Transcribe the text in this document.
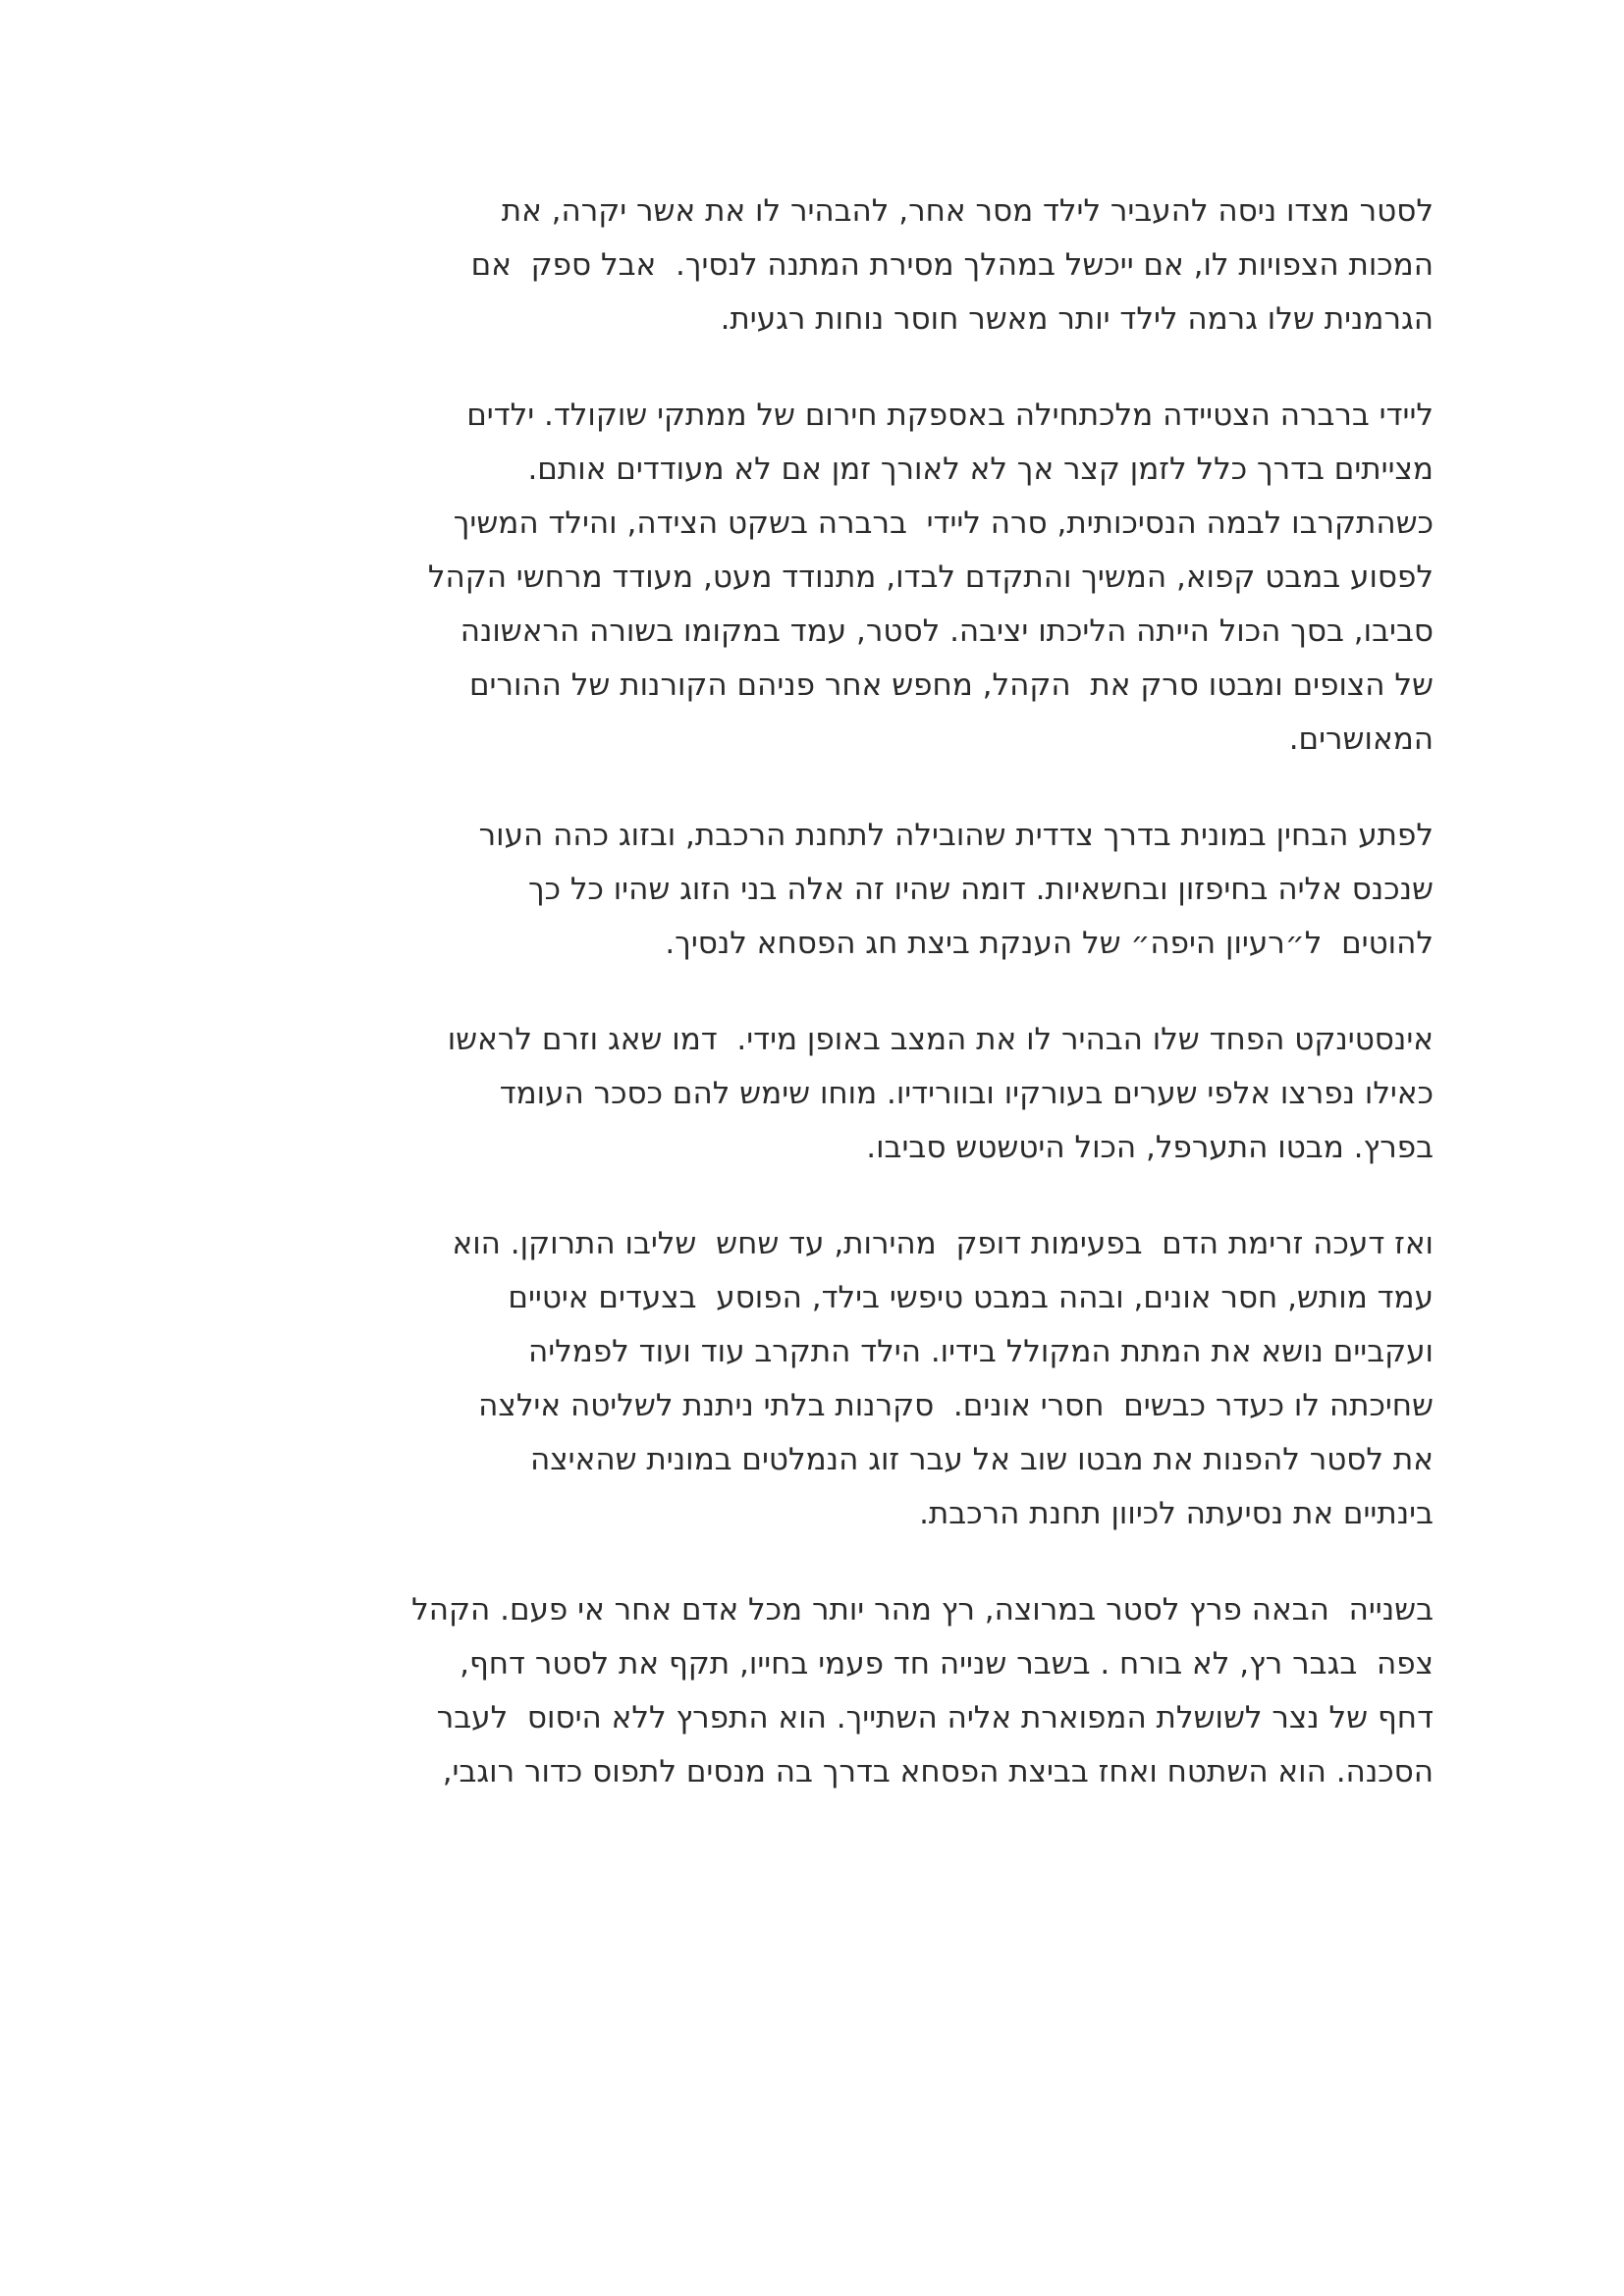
לסטר מצדו ניסה להעביר לילד מסר אחר, להבהיר לו את אשר יקרה, את
המכות הצפויות לו, אם ייכשל במהלך מסירת המתנה לנסיך.  אבל ספק  אם
הגרמנית שלו גרמה לילד יותר מאשר חוסר נוחות רגעית.

ליידי ברברה הצטיידה מלכתחילה באספקת חירום של ממתקי שוקולד. ילדים
מצייתים בדרך כלל לזמן קצר אך לא לאורך זמן אם לא מעודדים אותם.
כשהתקרבו לבמה הנסיכותית, סרה ליידי  ברברה בשקט הצידה, והילד המשיך
לפסוע במבט קפוא, המשיך והתקדם לבדו, מתנודד מעט, מעודד מרחשי הקהל
סביבו, בסך הכול הייתה הליכתו יציבה. לסטר, עמד במקומו בשורה הראשונה
של הצופים ומבטו סרק את  הקהל, מחפש אחר פניהם הקורנות של ההורים
המאושרים.

לפתע הבחין במונית בדרך צדדית שהובילה לתחנת הרכבת, ובזוג כהה העור
שנכנס אליה בחיפזון ובחשאיות. דומה שהיו זה אלה בני הזוג שהיו כל כך
להוטים  ל״רעיון היפה״ של הענקת ביצת חג הפסחא לנסיך.

אינסטינקט הפחד שלו הבהיר לו את המצב באופן מידי.  דמו שאג וזרם לראשו
כאילו נפרצו אלפי שערים בעורקיו ובוורידיו. מוחו שימש להם כסכר העומד
בפרץ. מבטו התערפל, הכול היטשטש סביבו.

ואז דעכה זרימת הדם  בפעימות דופק  מהירות, עד שחש  שליבו התרוקן. הוא
עמד מותש, חסר אונים, ובהה במבט טיפשי בילד, הפוסע  בצעדים איטיים
ועקביים נושא את המתת המקולל בידיו. הילד התקרב עוד ועוד לפמליה
שחיכתה לו כעדר כבשים  חסרי אונים.  סקרנות בלתי ניתנת לשליטה אילצה
את לסטר להפנות את מבטו שוב אל עבר זוג הנמלטים במונית שהאיצה
בינתיים את נסיעתה לכיוון תחנת הרכבת.

בשנייה  הבאה פרץ לסטר במרוצה, רץ מהר יותר מכל אדם אחר אי פעם. הקהל
צפה  בגבר רץ, לא בורח . בשבר שנייה חד פעמי בחייו, תקף את לסטר דחף,
דחף של נצר לשושלת המפוארת אליה השתייך. הוא התפרץ ללא היסוס  לעבר
הסכנה. הוא השתטח ואחז בביצת הפסחא בדרך בה מנסים לתפוס כדור רוגבי,
